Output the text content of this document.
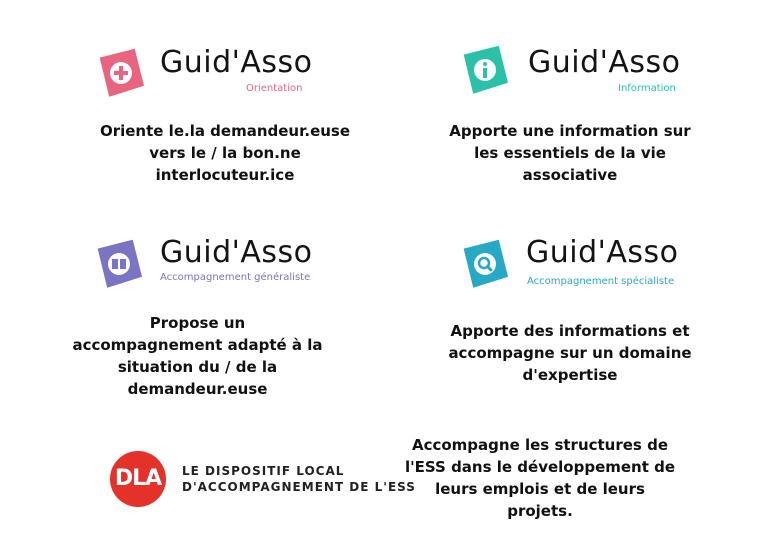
Guid'Asso
Orientation
Oriente le.la demandeur.euse
vers le / la bon.ne
interlocuteur.ice
Guid'Asso
Information
Apporte une information sur
les essentiels de la vie
associative
Guid'Asso
Accompagnement généraliste
Propose un
accompagnement adapté à la
situation du / de la
demandeur.euse
Guid'Asso
Accompagnement spécialiste
Apporte des informations et
accompagne sur un domaine
d'expertise
DLA	LE DISPOSITIF LOCAL
D'ACCOMPAGNEMENT DE L'ESS
Accompagne les structures de
l'ESS dans le développement de
leurs emplois et de leurs projets.
